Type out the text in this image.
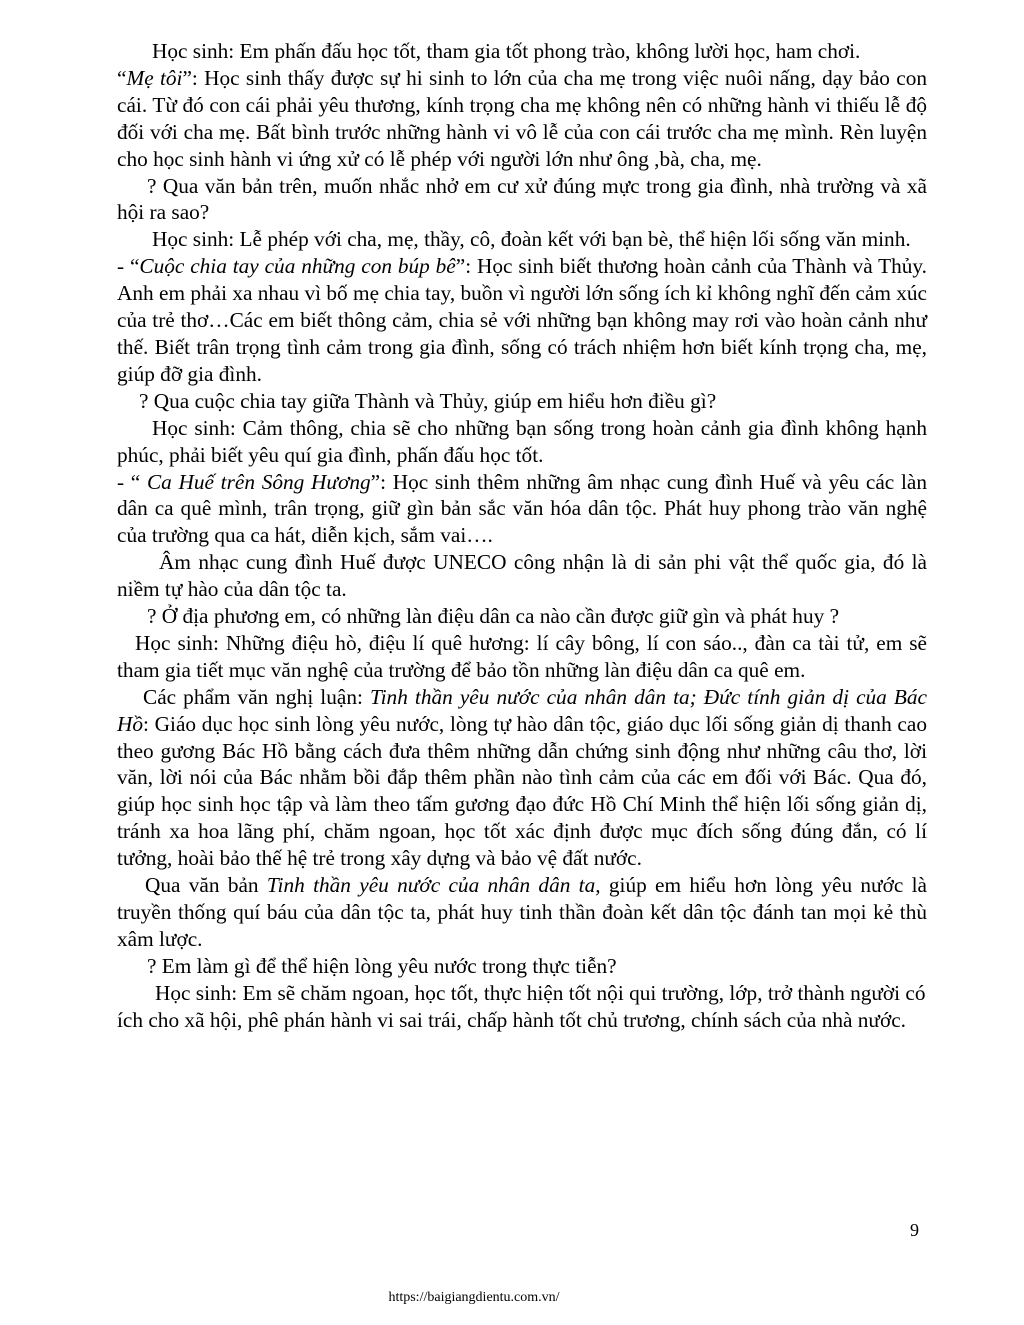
Học sinh: Em phấn đấu học tốt, tham gia tốt phong trào, không lười học, ham chơi.

“Mẹ tôi”: Học sinh thấy được sự hi sinh to lớn của cha mẹ trong việc nuôi nấng, dạy bảo con cái. Từ đó con cái phải yêu thương, kính trọng cha mẹ không nên có những hành vi thiếu lễ độ đối với cha mẹ. Bất bình trước những hành vi vô lễ của con cái trước cha mẹ mình. Rèn luyện cho học sinh hành vi ứng xử có lễ phép với người lớn như ông ,bà, cha, mẹ.

? Qua văn bản trên, muốn nhắc nhở em cư xử đúng mực trong gia đình, nhà trường và xã hội ra sao?

Học sinh: Lễ phép với cha, mẹ, thầy, cô, đoàn kết với bạn bè, thể hiện lối sống văn minh.

- “Cuộc chia tay của những con búp bê”: Học sinh biết thương hoàn cảnh của Thành và Thủy. Anh em phải xa nhau vì bố mẹ chia tay, buồn vì người lớn sống ích kỉ không nghĩ đến cảm xúc của trẻ thơ…Các em biết thông cảm, chia sẻ với những bạn không may rơi vào hoàn cảnh như thế. Biết trân trọng tình cảm trong gia đình, sống có trách nhiệm hơn biết kính trọng cha, mẹ, giúp đỡ gia đình.

? Qua cuộc chia tay giữa Thành và Thủy, giúp em hiểu hơn điều gì?

Học sinh: Cảm thông, chia sẽ cho những bạn sống trong hoàn cảnh gia đình không hạnh phúc, phải biết yêu quí gia đình, phấn đấu học tốt.

- “ Ca Huế trên Sông Hương”: Học sinh thêm những âm nhạc cung đình Huế và yêu các làn dân ca quê mình, trân trọng, giữ gìn bản sắc văn hóa dân tộc. Phát huy phong trào văn nghệ của trường qua ca hát, diễn kịch, sắm vai….

Âm nhạc cung đình Huế được UNECO công nhận là di sản phi vật thể quốc gia, đó là niềm tự hào của dân tộc ta.

? Ở địa phương em, có những làn điệu dân ca nào cần được giữ gìn và phát huy ?

Học sinh: Những điệu hò, điệu lí quê hương: lí cây bông, lí con sáo.., đàn ca tài tử, em sẽ tham gia tiết mục văn nghệ của trường để bảo tồn những làn điệu dân ca quê em.

Các phẩm văn nghị luận: Tinh thần yêu nước của nhân dân ta; Đức tính giản dị của Bác Hồ: Giáo dục học sinh lòng yêu nước, lòng tự hào dân tộc, giáo dục lối sống giản dị thanh cao theo gương Bác Hồ bằng cách đưa thêm những dẫn chứng sinh động như những câu thơ, lời văn, lời nói của Bác nhằm bồi đắp thêm phần nào tình cảm của các em đối với Bác. Qua đó, giúp học sinh học tập và làm theo tấm gương đạo đức Hồ Chí Minh thể hiện lối sống giản dị, tránh xa hoa lãng phí, chăm ngoan, học tốt xác định được mục đích sống đúng đắn, có lí tưởng, hoài bảo thế hệ trẻ trong xây dựng và bảo vệ đất nước.

Qua văn bản Tinh thần yêu nước của nhân dân ta, giúp em hiểu hơn lòng yêu nước là truyền thống quí báu của dân tộc ta, phát huy tinh thần đoàn kết dân tộc đánh tan mọi kẻ thù xâm lược.

? Em làm gì để thể hiện lòng yêu nước trong thực tiễn?

Học sinh: Em sẽ chăm ngoan, học tốt, thực hiện tốt nội qui trường, lớp, trở thành người có ích cho xã hội, phê phán hành vi sai trái, chấp hành tốt chủ trương, chính sách của nhà nước.

9
https://baigiangdientu.com.vn/
